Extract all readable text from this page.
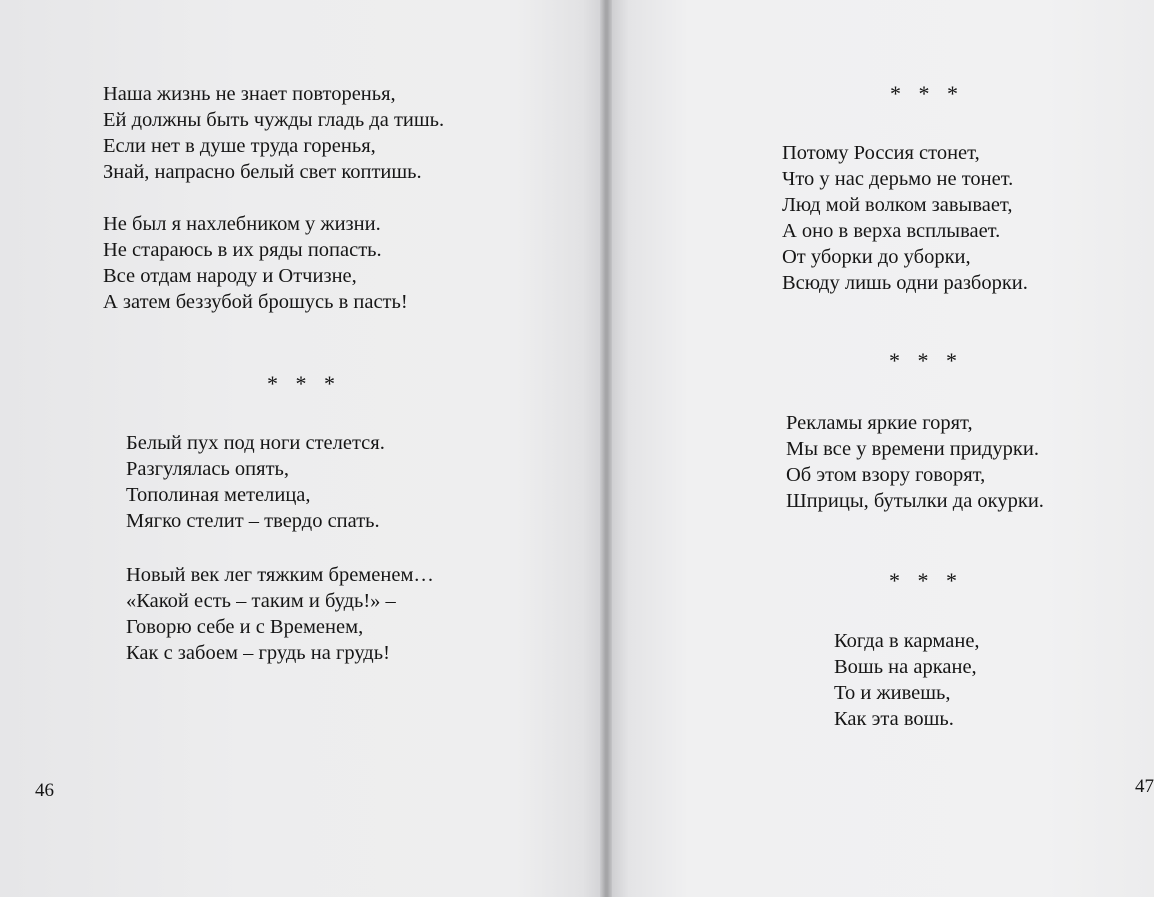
Наша жизнь не знает повторенья,
Ей должны быть чужды гладь да тишь.
Если нет в душе труда горенья,
Знай, напрасно белый свет коптишь.
Не был я нахлебником у жизни.
Не стараюсь в их ряды попасть.
Все отдам народу и Отчизне,
А затем беззубой брошусь в пасть!
* * *
Белый пух под ноги стелется.
Разгулялась опять,
Тополиная метелица,
Мягко стелит – твердо спать.
Новый век лег тяжким бременем…
«Какой есть – таким и будь!» –
Говорю себе и с Временем,
Как с забоем – грудь на грудь!
46
* * *
Потому Россия стонет,
Что у нас дерьмо не тонет.
Люд мой волком завывает,
А оно в верха всплывает.
От уборки до уборки,
Всюду лишь одни разборки.
* * *
Рекламы яркие горят,
Мы все у времени придурки.
Об этом взору говорят,
Шприцы, бутылки да окурки.
* * *
Когда в кармане,
Вошь на аркане,
То и живешь,
Как эта вошь.
47
